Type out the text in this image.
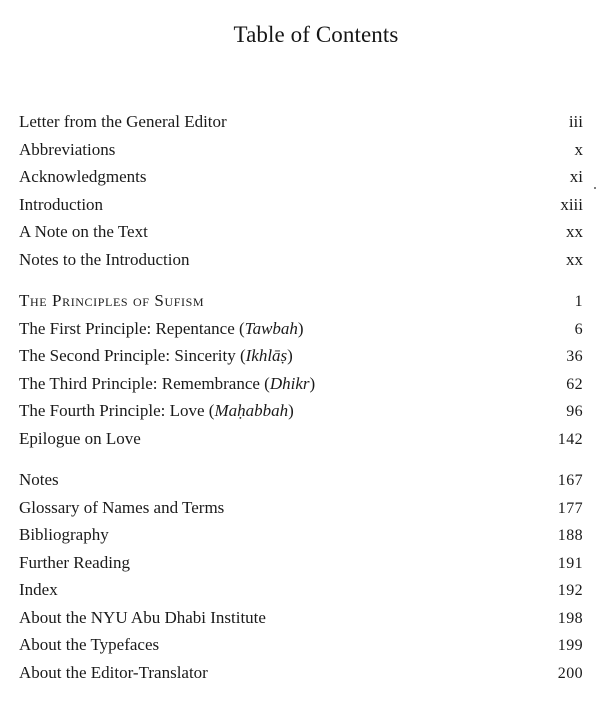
Table of Contents
Letter from the General Editor	iii
Abbreviations	x
Acknowledgments	xi
Introduction	xiii
A Note on the Text	xx
Notes to the Introduction	xx
The Principles of Sufism	1
The First Principle: Repentance (Tawbah)	6
The Second Principle: Sincerity (Ikhlāṣ)	36
The Third Principle: Remembrance (Dhikr)	62
The Fourth Principle: Love (Maḥabbah)	96
Epilogue on Love	142
Notes	167
Glossary of Names and Terms	177
Bibliography	188
Further Reading	191
Index	192
About the NYU Abu Dhabi Institute	198
About the Typefaces	199
About the Editor-Translator	200
